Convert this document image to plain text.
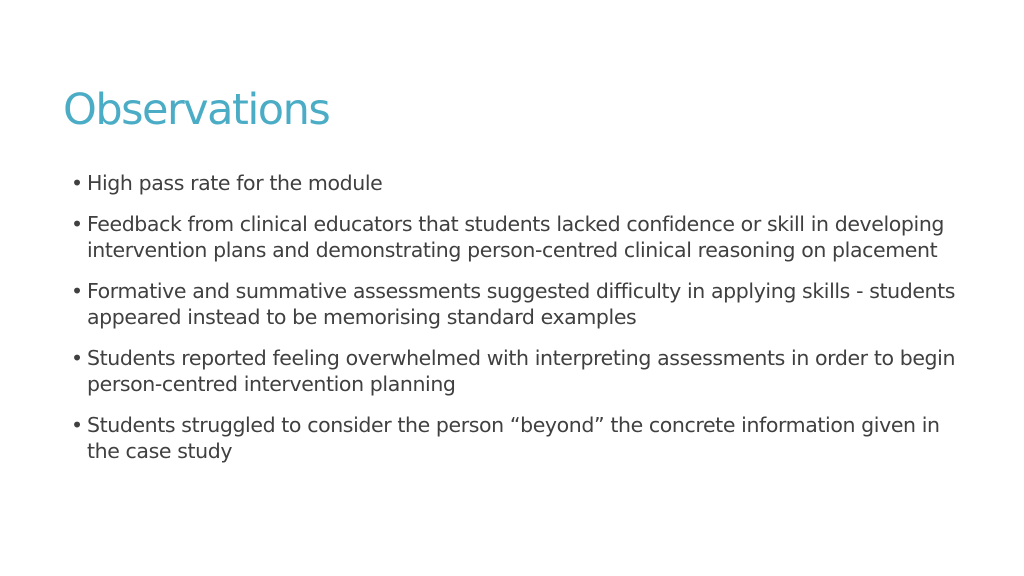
Observations
• High pass rate for the module
• Feedback from clinical educators that students lacked confidence or skill in developing intervention plans and demonstrating person-centred clinical reasoning on placement
• Formative and summative assessments suggested difficulty in applying skills - students appeared instead to be memorising standard examples
• Students reported feeling overwhelmed with interpreting assessments in order to begin person-centred intervention planning
• Students struggled to consider the person “beyond” the concrete information given in the case study
